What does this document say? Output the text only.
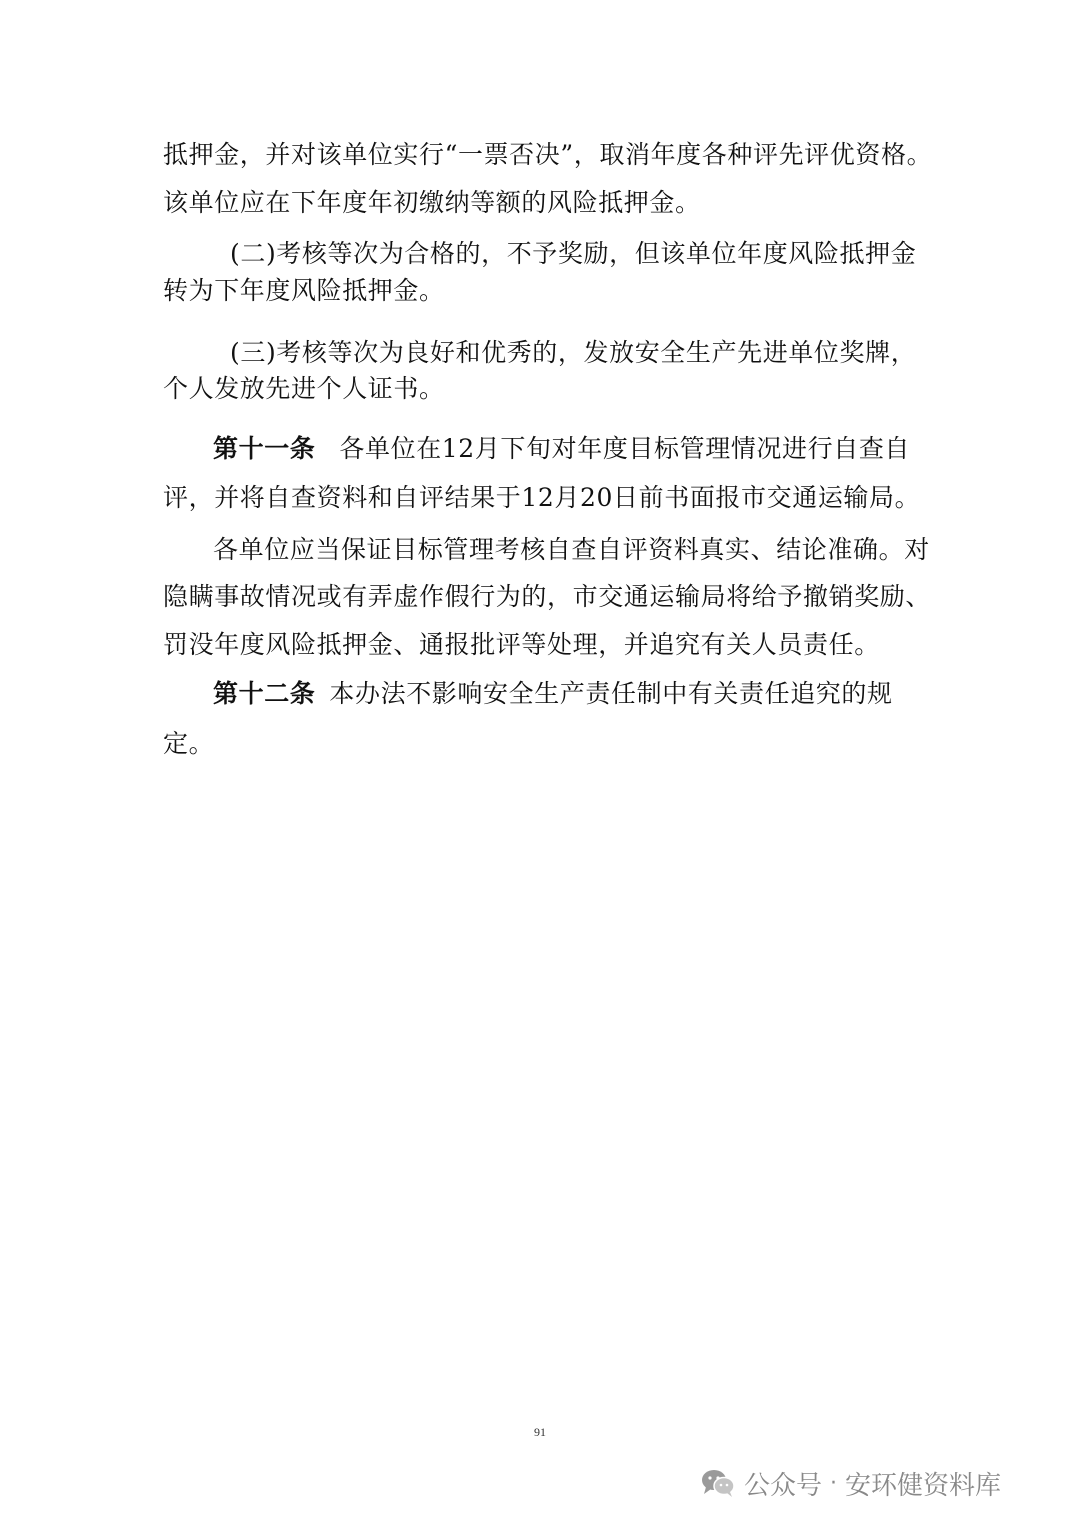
抵押金，并对该单位实行“一票否决”，取消年度各种评先评优资格。
该单位应在下年度年初缴纳等额的风险抵押金。
(二)考核等次为合格的，不予奖励，但该单位年度风险抵押金
转为下年度风险抵押金。
(三)考核等次为良好和优秀的，发放安全生产先进单位奖牌，
个人发放先进个人证书。
第十一条 各单位在12月下旬对年度目标管理情况进行自查自
评，并将自查资料和自评结果于12月20日前书面报市交通运输局。
各单位应当保证目标管理考核自查自评资料真实、结论准确。对
隐瞒事故情况或有弄虚作假行为的，市交通运输局将给予撤销奖励、
罚没年度风险抵押金、通报批评等处理，并追究有关人员责任。
第十二条 本办法不影响安全生产责任制中有关责任追究的规
定。
91
公众号 · 安环健资料库
